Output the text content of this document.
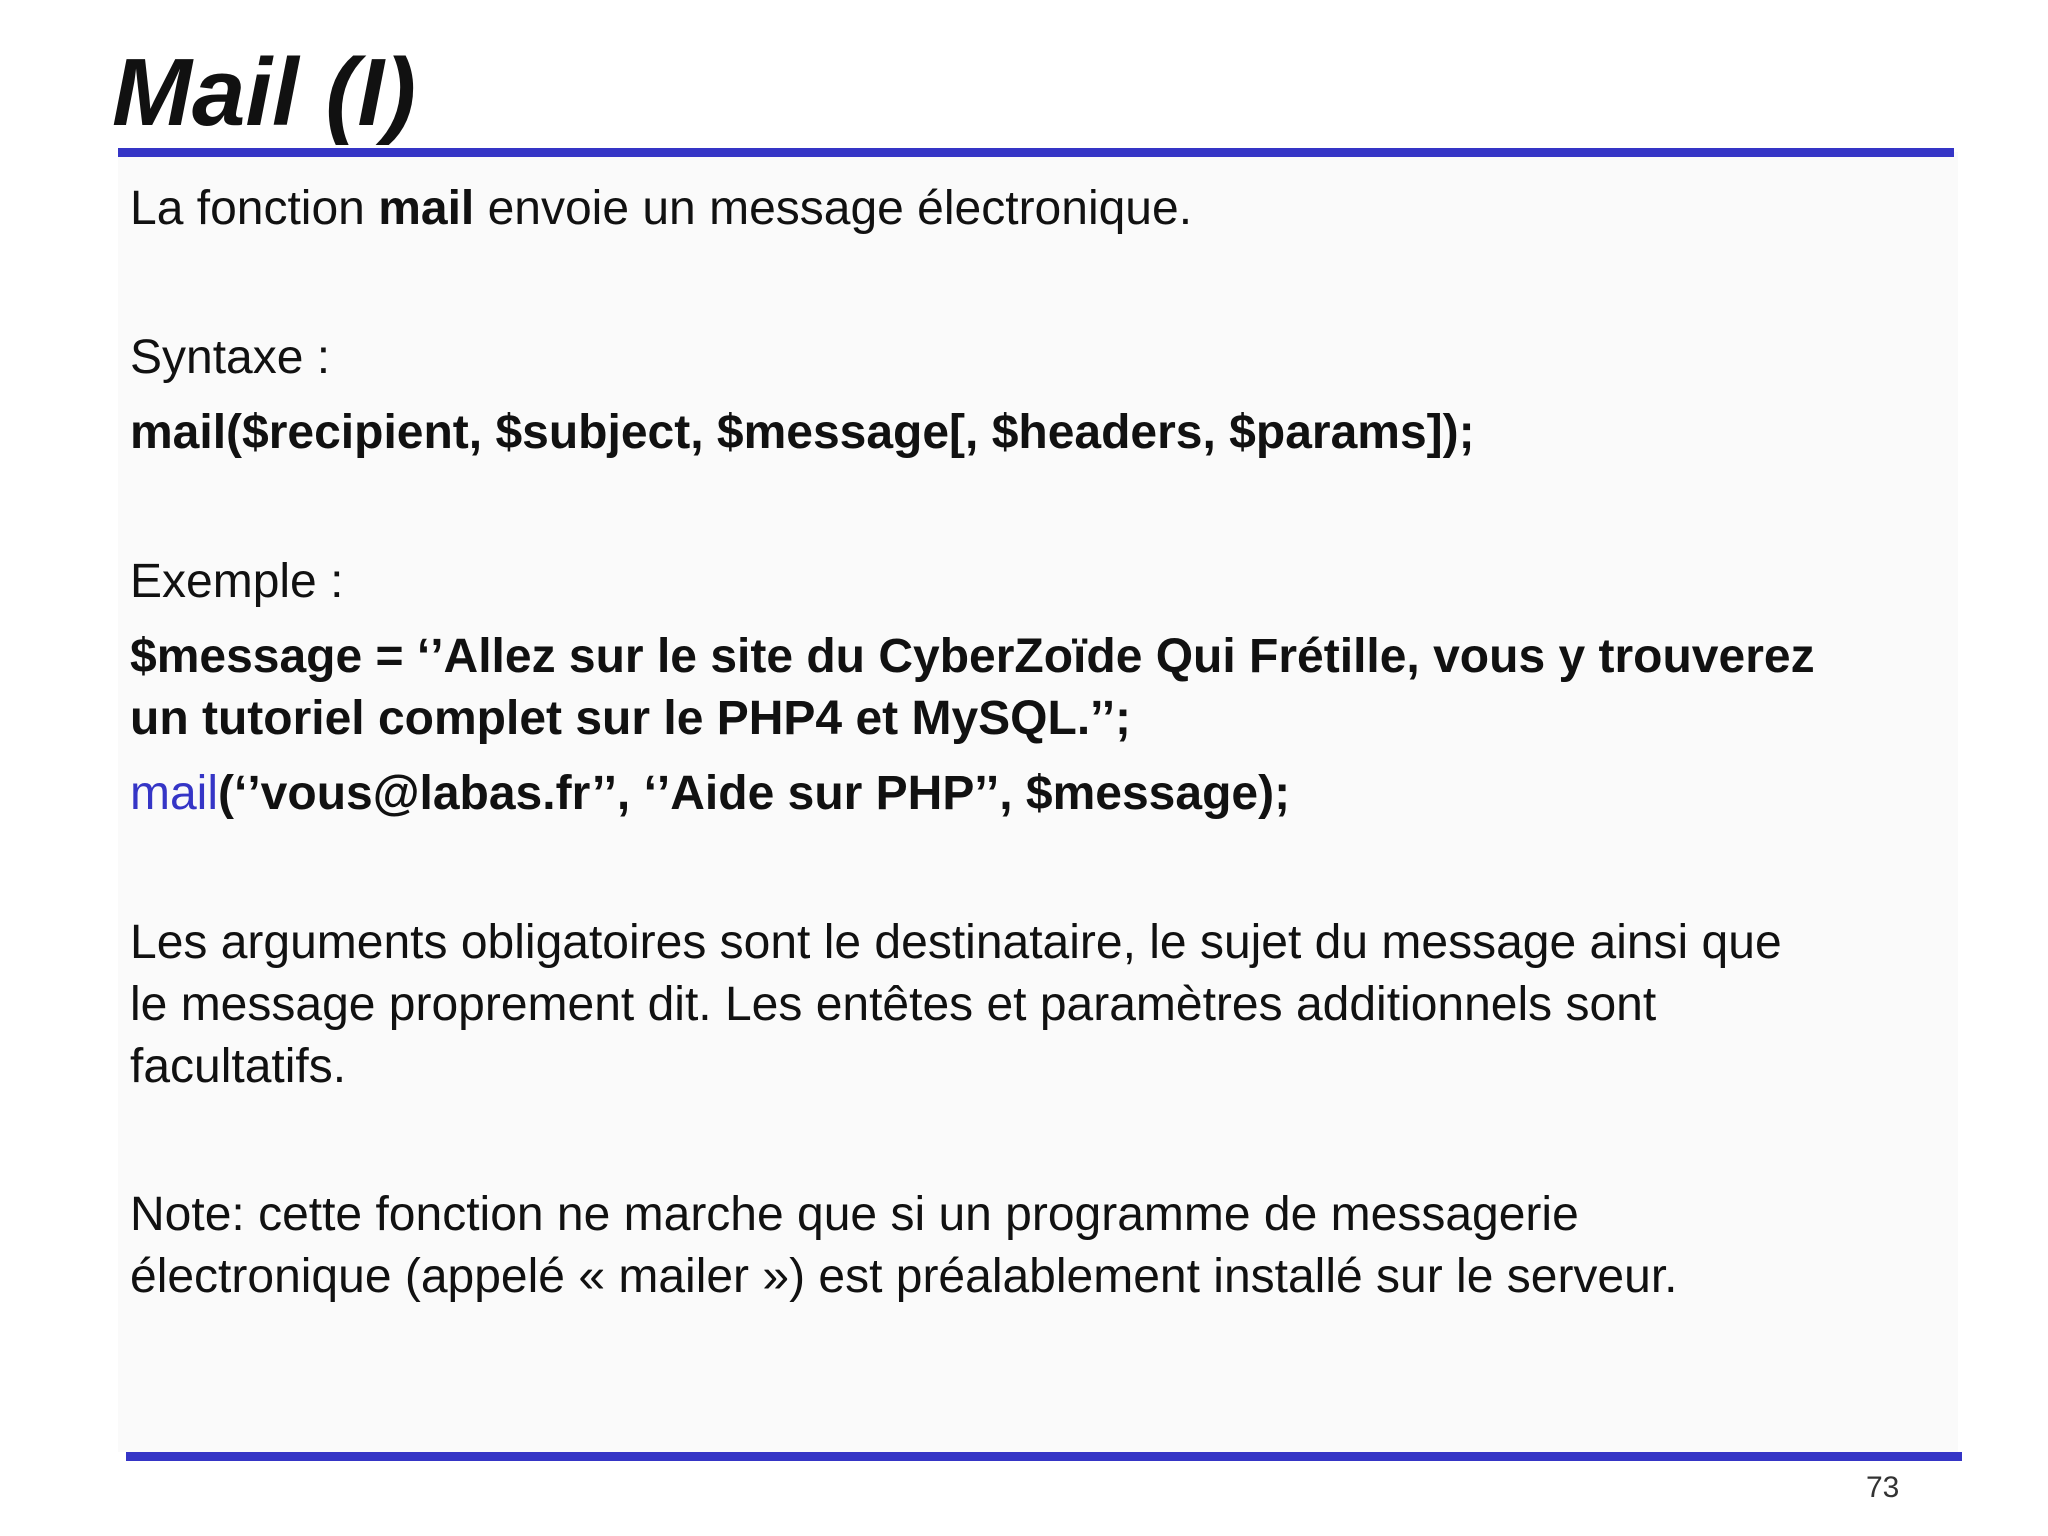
Mail (I)

La fonction mail envoie un message électronique.

Syntaxe :

mail($recipient, $subject, $message[, $headers, $params]);

Exemple :

$message = ‘’Allez sur le site du CyberZoïde Qui Frétille, vous y trouverez

un tutoriel complet sur le PHP4 et MySQL.’’;

mail(‘’vous@labas.fr’’, ‘’Aide sur PHP’’, $message);

Les arguments obligatoires sont le destinataire, le sujet du message ainsi que

le message proprement dit. Les entêtes et paramètres additionnels sont

facultatifs.

Note: cette fonction ne marche que si un programme de messagerie

électronique (appelé « mailer ») est préalablement installé sur le serveur.

73
